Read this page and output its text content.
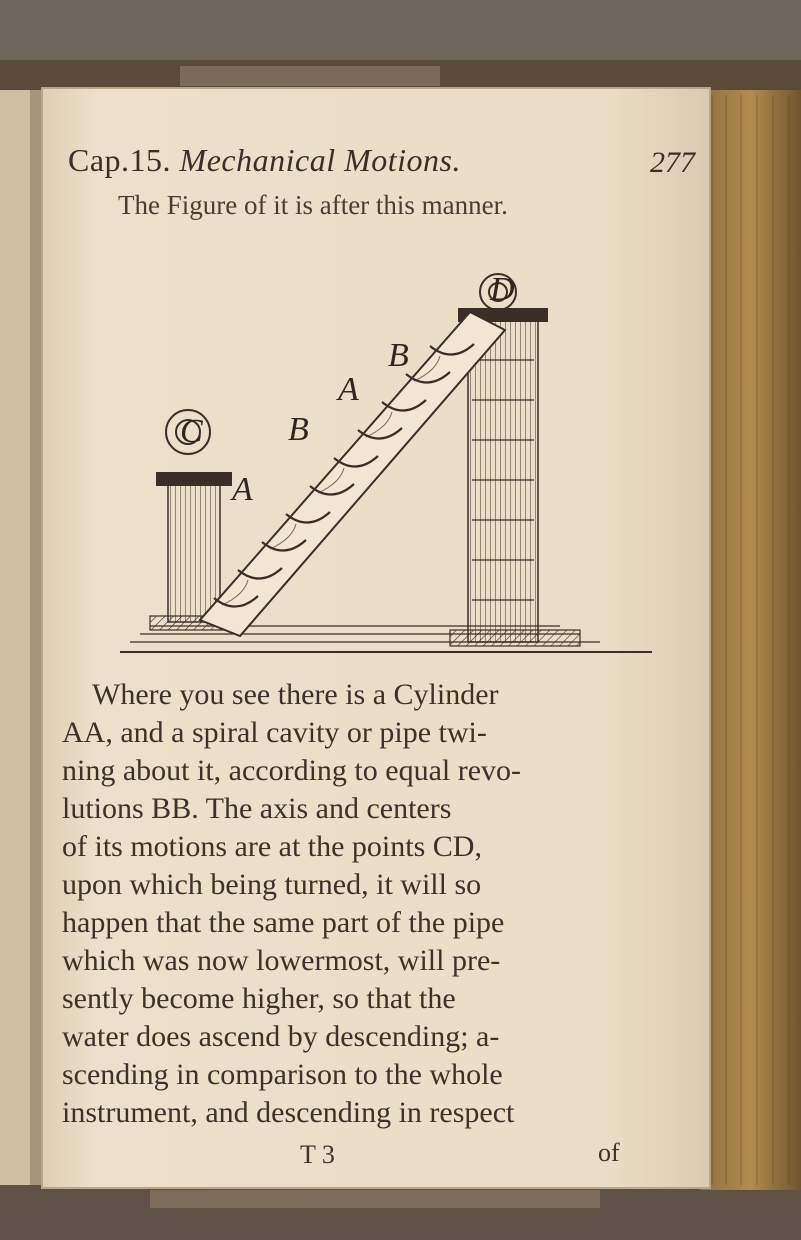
B
A
B
A
C
D
Cap.15. Mechanical Motions.	277
The Figure of it is after this manner.
Where you see there is a Cylinder
AA, and a spiral cavity or pipe twi-
ning about it, according to equal revo-
lutions BB. The axis and centers
of its motions are at the points CD,
upon which being turned, it will so
happen that the same part of the pipe
which was now lowermost, will pre-
sently become higher, so that the
water does ascend by descending; a-
scending in comparison to the whole
instrument, and descending in respect
T 3	of
